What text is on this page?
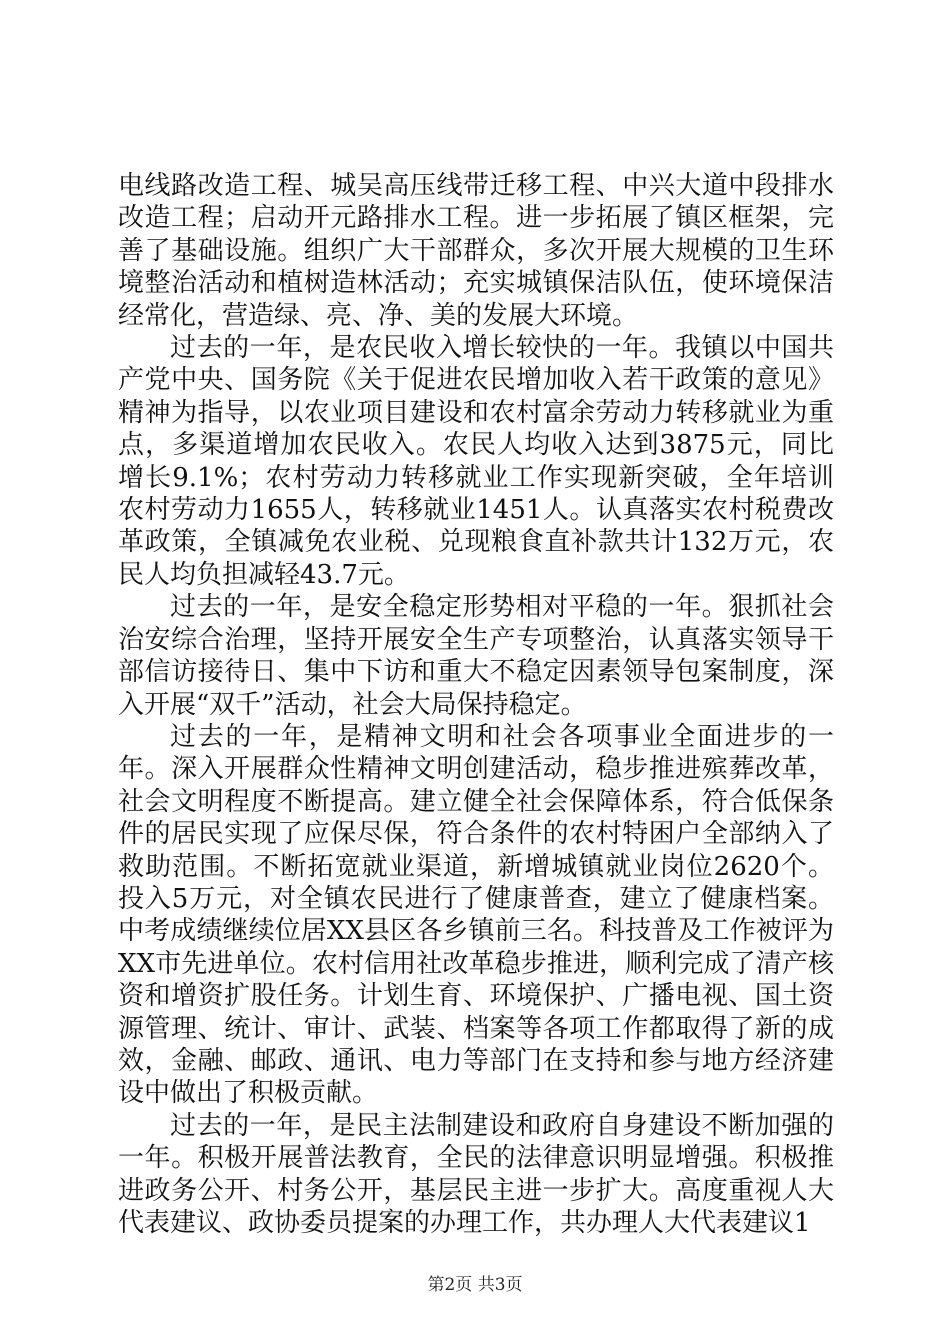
电线路改造工程、城吴高压线带迁移工程、中兴大道中段排水改造工程；启动开元路排水工程。进一步拓展了镇区框架，完善了基础设施。组织广大干部群众，多次开展大规模的卫生环境整治活动和植树造林活动；充实城镇保洁队伍，使环境保洁经常化，营造绿、亮、净、美的发展大环境。

过去的一年，是农民收入增长较快的一年。我镇以中国共产党中央、国务院《关于促进农民增加收入若干政策的意见》精神为指导，以农业项目建设和农村富余劳动力转移就业为重点，多渠道增加农民收入。农民人均收入达到3875元，同比增长9.1%；农村劳动力转移就业工作实现新突破，全年培训农村劳动力1655人，转移就业1451人。认真落实农村税费改革政策，全镇减免农业税、兑现粮食直补款共计132万元，农民人均负担减轻43.7元。

过去的一年，是安全稳定形势相对平稳的一年。狠抓社会治安综合治理，坚持开展安全生产专项整治，认真落实领导干部信访接待日、集中下访和重大不稳定因素领导包案制度，深入开展“双千”活动，社会大局保持稳定。

过去的一年，是精神文明和社会各项事业全面进步的一年。深入开展群众性精神文明创建活动，稳步推进殡葬改革，社会文明程度不断提高。建立健全社会保障体系，符合低保条件的居民实现了应保尽保，符合条件的农村特困户全部纳入了救助范围。不断拓宽就业渠道，新增城镇就业岗位2620个。投入5万元，对全镇农民进行了健康普查，建立了健康档案。中考成绩继续位居XX县区各乡镇前三名。科技普及工作被评为XX市先进单位。农村信用社改革稳步推进，顺利完成了清产核资和增资扩股任务。计划生育、环境保护、广播电视、国土资源管理、统计、审计、武装、档案等各项工作都取得了新的成效，金融、邮政、通讯、电力等部门在支持和参与地方经济建设中做出了积极贡献。

过去的一年，是民主法制建设和政府自身建设不断加强的一年。积极开展普法教育，全民的法律意识明显增强。积极推进政务公开、村务公开，基层民主进一步扩大。高度重视人大代表建议、政协委员提案的办理工作，共办理人大代表建议1

第2页 共3页
